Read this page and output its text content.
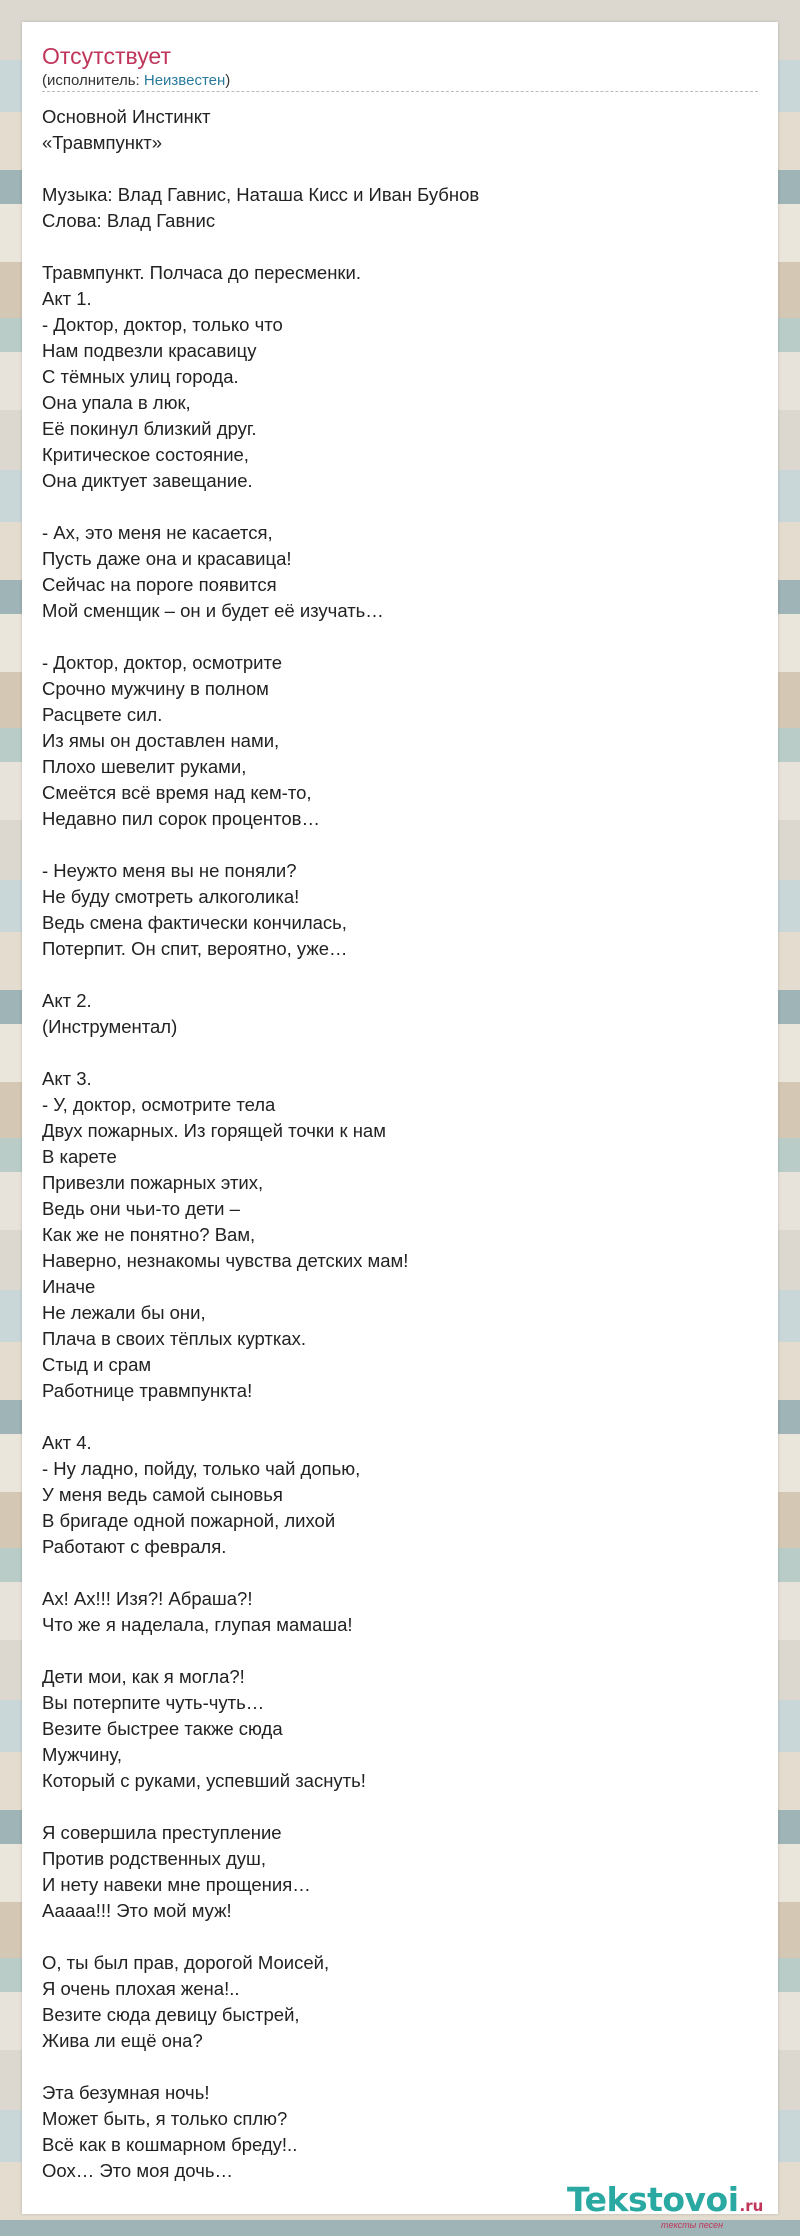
Отсутствует
(исполнитель: Неизвестен)

Основной Инстинкт

«Травмпункт»

Музыка: Влад Гавнис, Наташа Кисс и Иван Бубнов

Слова: Влад Гавнис

Травмпункт. Полчаса до пересменки.

Акт 1.

- Доктор, доктор, только что

Нам подвезли красавицу

С тёмных улиц города.

Она упала в люк,

Её покинул близкий друг.

Критическое состояние,

Она диктует завещание.

- Ах, это меня не касается,

Пусть даже она и красавица!

Сейчас на пороге появится

Мой сменщик – он и будет её изучать…

- Доктор, доктор, осмотрите

Срочно мужчину в полном

Расцвете сил.

Из ямы он доставлен нами,

Плохо шевелит руками,

Смеётся всё время над кем-то,

Недавно пил сорок процентов…

- Неужто меня вы не поняли?

Не буду смотреть алкоголика!

Ведь смена фактически кончилась,

Потерпит. Он спит, вероятно, уже…

Акт 2.

(Инструментал)

Акт 3.

- У, доктор, осмотрите тела

Двух пожарных. Из горящей точки к нам

В карете

Привезли пожарных этих,

Ведь они чьи-то дети –

Как же не понятно? Вам,

Наверно, незнакомы чувства детских мам!

Иначе

Не лежали бы они,

Плача в своих тёплых куртках.

Стыд и срам

Работнице травмпункта!

Акт 4.

- Ну ладно, пойду, только чай допью,

У меня ведь самой сыновья

В бригаде одной пожарной, лихой

Работают с февраля.

Ах! Ах!!! Изя?! Абраша?!

Что же я наделала, глупая мамаша!

Дети мои, как я могла?!

Вы потерпите чуть-чуть…

Везите быстрее также сюда

Мужчину,

Который с руками, успевший заснуть!

Я совершила преступление

Против родственных душ,

И нету навеки мне прощения…

Ааааа!!! Это мой муж!

О, ты был прав, дорогой Моисей,

Я очень плохая жена!..

Везите сюда девицу быстрей,

Жива ли ещё она?

Эта безумная ночь!

Может быть, я только сплю?

Всё как в кошмарном бреду!..

Оох… Это моя дочь…

Tekstovoi.ru
тексты песен
